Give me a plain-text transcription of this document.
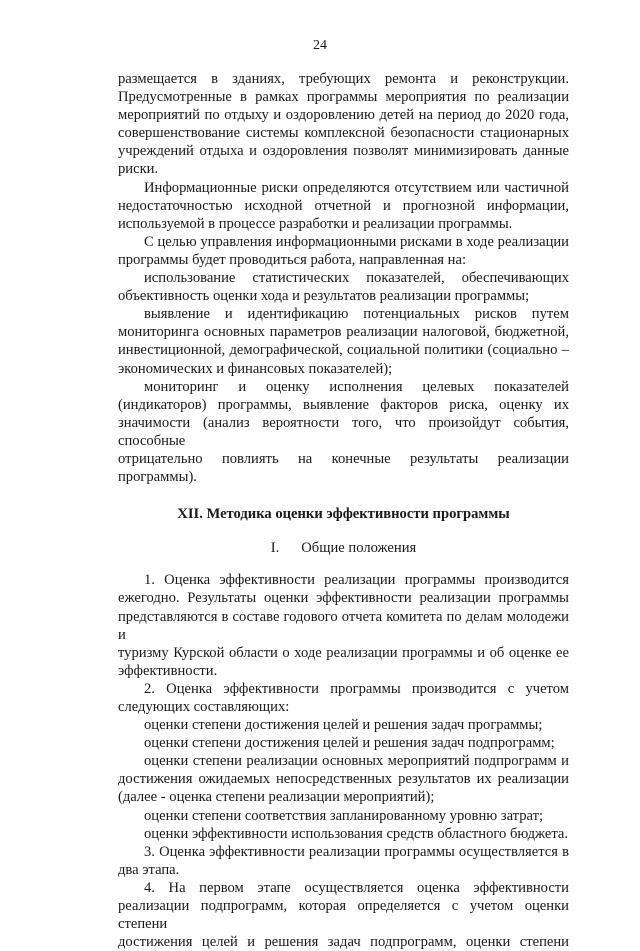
24

размещается в зданиях, требующих ремонта и реконструкции.

Предусмотренные в рамках программы мероприятия по реализации

мероприятий по отдыху и оздоровлению детей на период до 2020 года,

совершенствование системы комплексной безопасности стационарных

учреждений отдыха и оздоровления позволят минимизировать данные

риски.

Информационные риски определяются отсутствием или частичной

недостаточностью исходной отчетной и прогнозной информации,

используемой в процессе разработки и реализации программы.

С целью управления информационными рисками в ходе реализации

программы будет проводиться работа, направленная на:

использование статистических показателей, обеспечивающих

объективность оценки хода и результатов реализации программы;

выявление и идентификацию потенциальных рисков путем

мониторинга основных параметров реализации налоговой, бюджетной,

инвестиционной, демографической, социальной политики (социально –

экономических и финансовых показателей);

мониторинг и оценку исполнения целевых показателей

(индикаторов) программы, выявление факторов риска, оценку их

значимости (анализ вероятности того, что произойдут события, способные

отрицательно повлиять на конечные результаты реализации программы).

XII. Методика оценки эффективности программы

I. Общие положения

1. Оценка эффективности реализации программы производится

ежегодно. Результаты оценки эффективности реализации программы

представляются в составе годового отчета комитета по делам молодежи и

туризму Курской области о ходе реализации программы и об оценке ее

эффективности.

2. Оценка эффективности программы производится с учетом

следующих составляющих:

оценки степени достижения целей и решения задач программы;

оценки степени достижения целей и решения задач подпрограмм;

оценки степени реализации основных мероприятий подпрограмм и

достижения ожидаемых непосредственных результатов их реализации

(далее - оценка степени реализации мероприятий);

оценки степени соответствия запланированному уровню затрат;

оценки эффективности использования средств областного бюджета.

3. Оценка эффективности реализации программы осуществляется в

два этапа.

4. На первом этапе осуществляется оценка эффективности

реализации подпрограмм, которая определяется с учетом оценки степени

достижения целей и решения задач подпрограмм, оценки степени
